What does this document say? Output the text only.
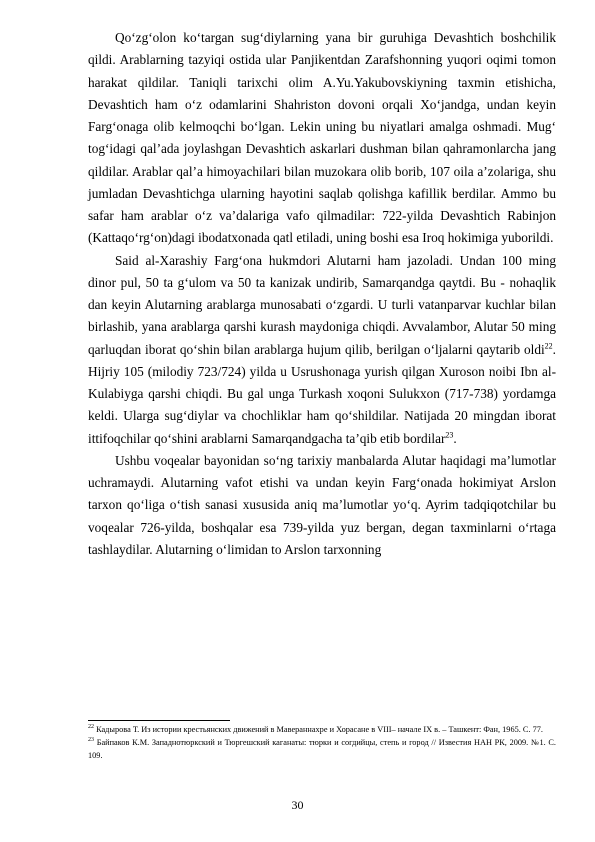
Qo‘zg‘olon ko‘targan sug‘diylarning yana bir guruhiga Devashtich boshchilik qildi. Arablarning tazyiqi ostida ular Panjikentdan Zarafshonning yuqori oqimi tomon harakat qildilar. Taniqli tarixchi olim A.Yu.Yakubovskiyning taxmin etishicha, Devashtich ham o‘z odamlarini Shahriston dovoni orqali Xo‘jandga, undan keyin Farg‘onaga olib kelmoqchi bo‘lgan. Lekin uning bu niyatlari amalga oshmadi. Mug‘ tog‘idagi qal’ada joylashgan Devashtich askarlari dushman bilan qahramonlarcha jang qildilar. Arablar qal’a himoyachilari bilan muzokara olib borib, 107 oila a’zolariga, shu jumladan Devashtichga ularning hayotini saqlab qolishga kafillik berdilar. Ammo bu safar ham arablar o‘z va’dalariga vafo qilmadilar: 722-yilda Devashtich Rabinjon (Kattaqo‘rg‘on)dagi ibodatxonada qatl etiladi, uning boshi esa Iroq hokimiga yuborildi.

Said al-Xarashiy Farg‘ona hukmdori Alutarni ham jazoladi. Undan 100 ming dinor pul, 50 ta g‘ulom va 50 ta kanizak undirib, Samarqandga qaytdi. Bu - nohaqlik dan keyin Alutarning arablarga munosabati o‘zgardi. U turli vatanparvar kuchlar bilan birlashib, yana arablarga qarshi kurash maydoniga chiqdi. Avvalambor, Alutar 50 ming qarluqdan iborat qo‘shin bilan arablarga hujum qilib, berilgan o‘ljalarni qaytarib oldi$^{22}$. Hijriy 105 (milodiy 723/724) yilda u Usrushonaga yurish qilgan Xuroson noibi Ibn al-Kulabiyga qarshi chiqdi. Bu gal unga Turkash xoqoni Sulukxon (717-738) yordamga keldi. Ularga sug‘diylar va chochliklar ham qo‘shildilar. Natijada 20 mingdan iborat ittifoqchilar qo‘shini arablarni Samarqandgacha ta’qib etib bordilar$^{23}$.

Ushbu voqealar bayonidan so‘ng tarixiy manbalarda Alutar haqidagi ma’lumotlar uchramaydi. Alutarning vafot etishi va undan keyin Farg‘onada hokimiyat Arslon tarxon qo‘liga o‘tish sanasi xususida aniq ma’lumotlar yo‘q. Ayrim tadqiqotchilar bu voqealar 726-yilda, boshqalar esa 739-yilda yuz bergan, degan taxminlarni o‘rtaga tashlaydilar. Alutarning o‘limidan to Arslon tarxonning

$^{22}$ Кадырова Т. Из истории крестьянских движений в Мавераннахре и Хорасане в VIII– начале IX в. – Ташкент: Фан, 1965. С. 77.

$^{23}$ Байпаков К.М. Западнотюркский и Тюргешский каганаты: тюрки и согдийцы, степь и город // Известия НАН РК, 2009. №1. С. 109.

30
